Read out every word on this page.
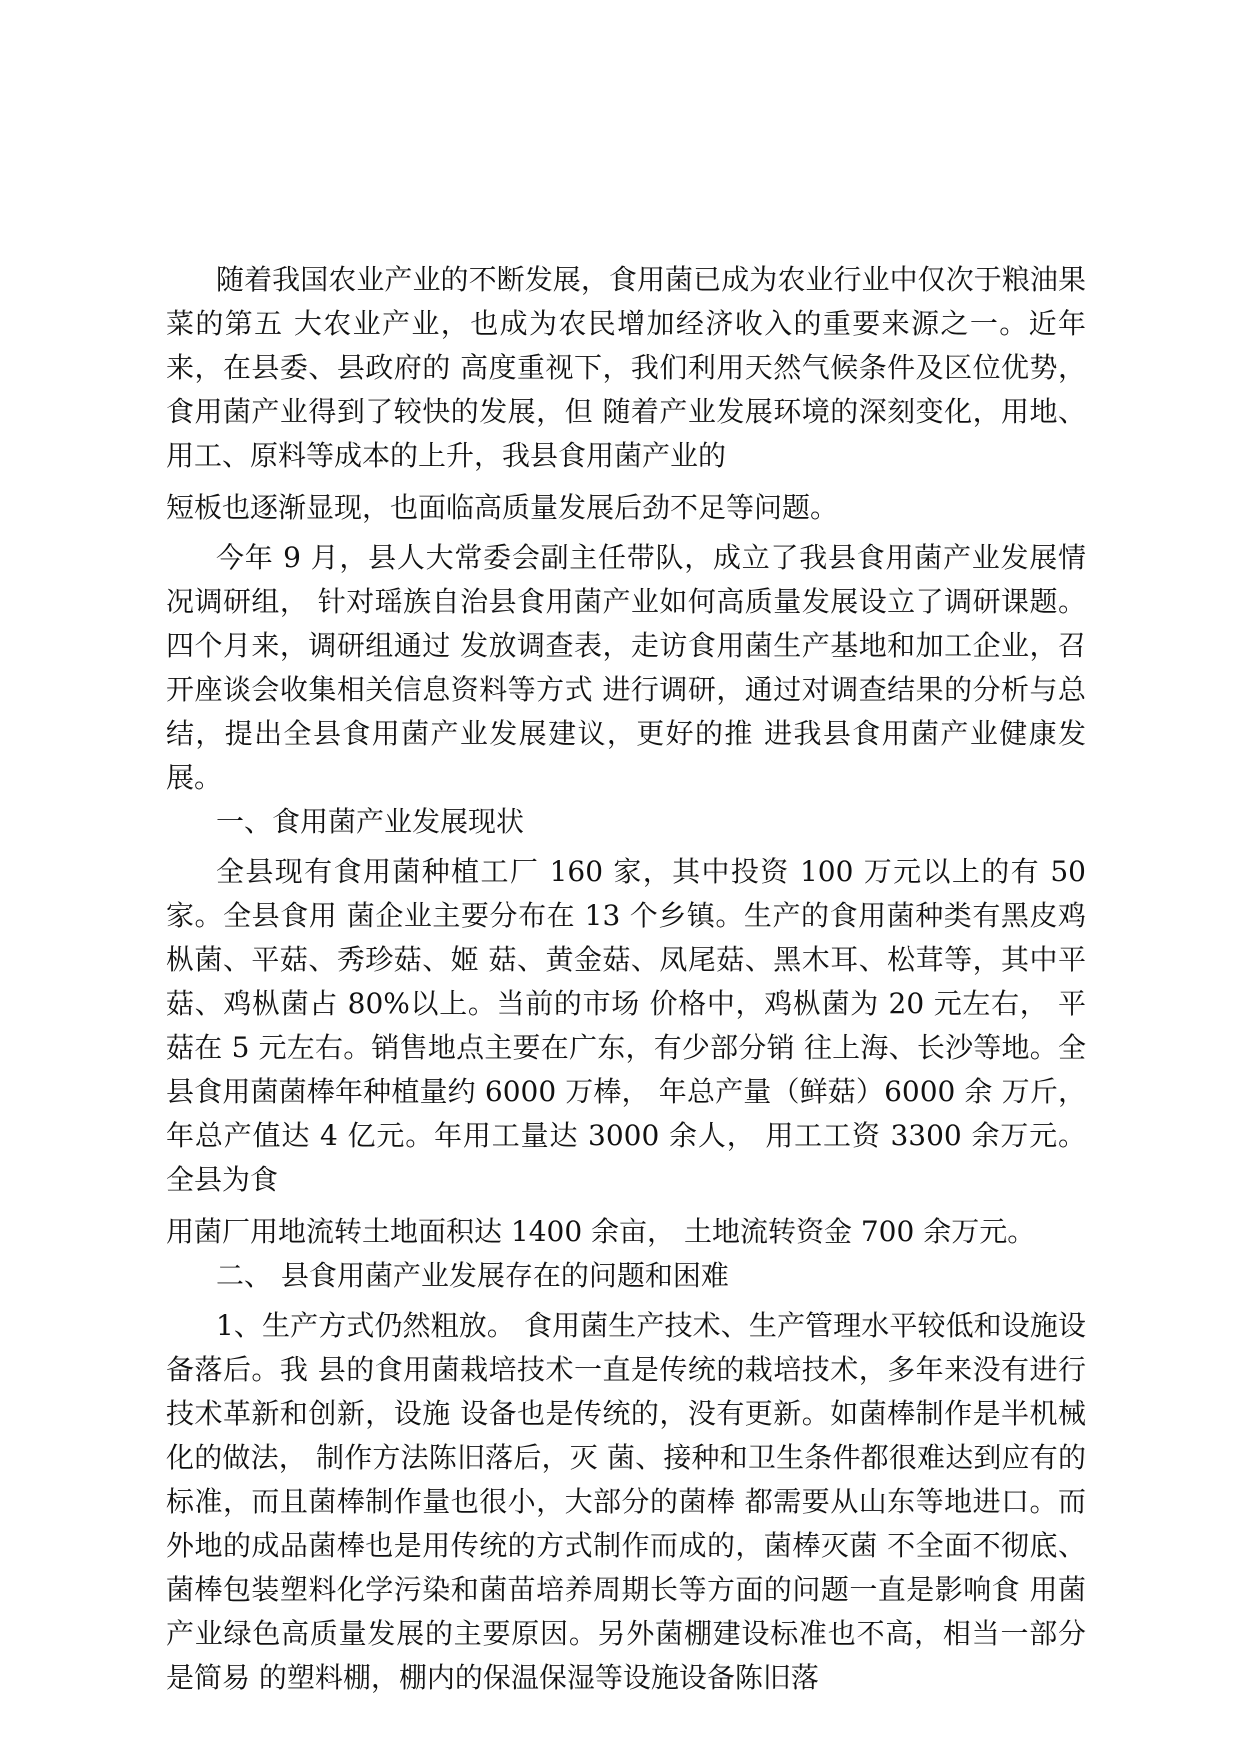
随着我国农业产业的不断发展，食用菌已成为农业行业中仅次于粮油果菜的第五 大农业产业，也成为农民增加经济收入的重要来源之一。近年来，在县委、县政府的 高度重视下，我们利用天然气候条件及区位优势，食用菌产业得到了较快的发展，但 随着产业发展环境的深刻变化，用地、用工、原料等成本的上升，我县食用菌产业的

短板也逐渐显现，也面临高质量发展后劲不足等问题。

今年 9 月，县人大常委会副主任带队，成立了我县食用菌产业发展情况调研组， 针对瑶族自治县食用菌产业如何高质量发展设立了调研课题。四个月来，调研组通过 发放调查表，走访食用菌生产基地和加工企业，召开座谈会收集相关信息资料等方式 进行调研，通过对调查结果的分析与总结，提出全县食用菌产业发展建议，更好的推 进我县食用菌产业健康发展。

一、食用菌产业发展现状

全县现有食用菌种植工厂 160 家，其中投资 100 万元以上的有 50 家。全县食用 菌企业主要分布在 13 个乡镇。生产的食用菌种类有黑皮鸡枞菌、平菇、秀珍菇、姬 菇、黄金菇、凤尾菇、黑木耳、松茸等，其中平菇、鸡枞菌占 80%以上。当前的市场 价格中，鸡枞菌为 20 元左右， 平菇在 5 元左右。销售地点主要在广东，有少部分销 往上海、长沙等地。全县食用菌菌棒年种植量约 6000 万棒， 年总产量（鲜菇）6000 余 万斤， 年总产值达 4 亿元。年用工量达 3000 余人， 用工工资 3300 余万元。全县为食

用菌厂用地流转土地面积达 1400 余亩， 土地流转资金 700 余万元。

二、 县食用菌产业发展存在的问题和困难

1、生产方式仍然粗放。 食用菌生产技术、生产管理水平较低和设施设备落后。我 县的食用菌栽培技术一直是传统的栽培技术，多年来没有进行技术革新和创新，设施 设备也是传统的，没有更新。如菌棒制作是半机械化的做法， 制作方法陈旧落后，灭 菌、接种和卫生条件都很难达到应有的标准，而且菌棒制作量也很小，大部分的菌棒 都需要从山东等地进口。而外地的成品菌棒也是用传统的方式制作而成的，菌棒灭菌 不全面不彻底、菌棒包装塑料化学污染和菌苗培养周期长等方面的问题一直是影响食 用菌产业绿色高质量发展的主要原因。另外菌棚建设标准也不高，相当一部分是简易 的塑料棚，棚内的保温保湿等设施设备陈旧落
